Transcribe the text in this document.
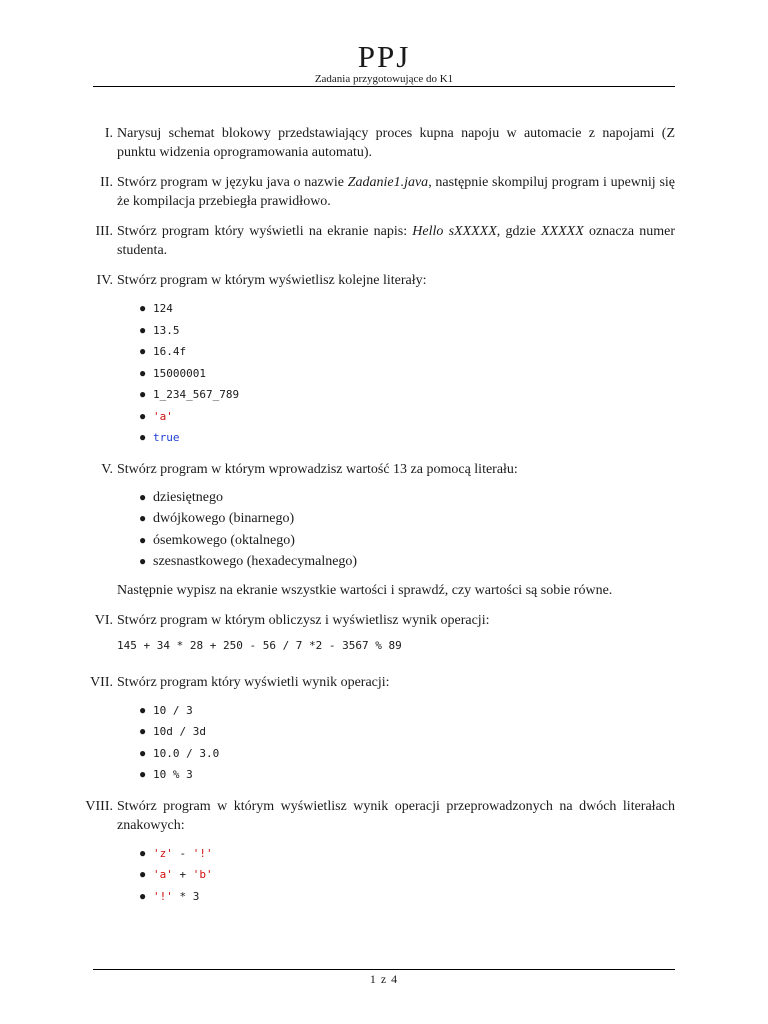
PPJ
Zadania przygotowujące do K1
I. Narysuj schemat blokowy przedstawiający proces kupna napoju w automacie z napojami (Z punktu widzenia oprogramowania automatu).
II. Stwórz program w języku java o nazwie Zadanie1.java, następnie skompiluj program i upewnij się że kompilacja przebiegła prawidłowo.
III. Stwórz program który wyświetli na ekranie napis: Hello sXXXXX, gdzie XXXXX oznacza numer studenta.
IV. Stwórz program w którym wyświetlisz kolejne literały:
● 124
● 13.5
● 16.4f
● 15000001
● 1_234_567_789
● 'a'
● true
V. Stwórz program w którym wprowadzisz wartość 13 za pomocą literału:
● dziesiętnego
● dwójkowego (binarnego)
● ósemkowego (oktalnego)
● szesnastkowego (hexadecymalnego)
Następnie wypisz na ekranie wszystkie wartości i sprawdź, czy wartości są sobie równe.
VI. Stwórz program w którym obliczysz i wyświetlisz wynik operacji:
145 + 34 * 28 + 250 - 56 / 7 *2 - 3567 % 89
VII. Stwórz program który wyświetli wynik operacji:
● 10 / 3
● 10d / 3d
● 10.0 / 3.0
● 10 % 3
VIII. Stwórz program w którym wyświetlisz wynik operacji przeprowadzonych na dwóch literałach znakowych:
● 'z' - '!'
● 'a' + 'b'
● '!' * 3
1 z 4
